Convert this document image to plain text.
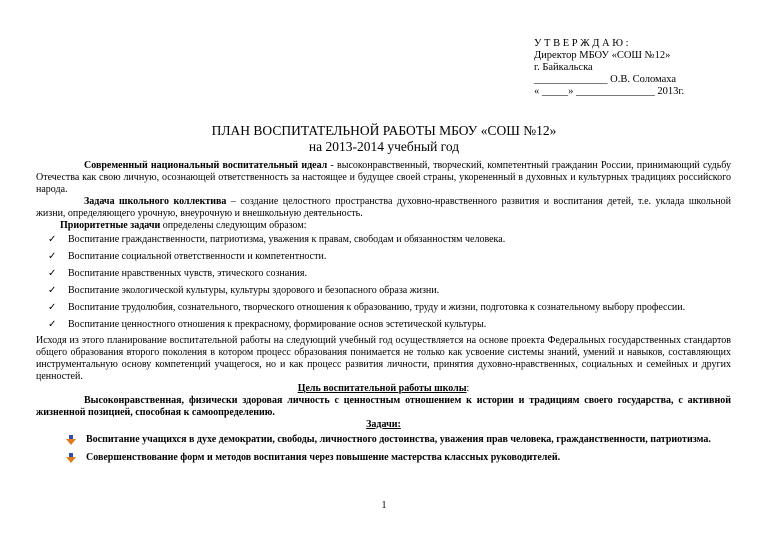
У Т В Е Р Ж Д А Ю :
Директор МБОУ «СОШ №12»
г. Байкальска
______________ О.В. Соломаха
« _____» _______________ 2013г.
ПЛАН ВОСПИТАТЕЛЬНОЙ РАБОТЫ МБОУ «СОШ №12»
на 2013-2014 учебный год

Современный национальный воспитательный идеал - высоконравственный, творческий, компетентный гражданин России, принимающий судьбу Отечества как свою личную, осознающей ответственность за настоящее и будущее своей страны, укорененный в духовных и культурных традициях российского народа.

Задача школьного коллектива – создание целостного пространства духовно-нравственного развития и воспитания детей, т.е. уклада школьной жизни, определяющего урочную, внеурочную и внешкольную деятельность.

Приоритетные задачи определены следующим образом:

✓ Воспитание гражданственности, патриотизма, уважения к правам, свободам и обязанностям человека.
✓ Воспитание социальной ответственности и компетентности.
✓ Воспитание нравственных чувств, этического сознания.
✓ Воспитание экологической культуры, культуры здорового и безопасного образа жизни.
✓ Воспитание трудолюбия, сознательного, творческого отношения к образованию, труду и жизни, подготовка к сознательному выбору профессии.
✓ Воспитание ценностного отношения к прекрасному, формирование основ эстетической культуры.

Исходя из этого планирование воспитательной работы на следующий учебный год осуществляется на основе проекта Федеральных государственных стандартов общего образования второго поколения в котором процесс образования понимается не только как усвоение системы знаний, умений и навыков, составляющих инструментальную основу компетенций учащегося, но и как процесс развития личности, принятия духовно-нравственных, социальных и семейных и других ценностей.

Цель воспитательной работы школы:

Высоконравственная, физически здоровая личность с ценностным отношением к истории и традициям своего государства, с активной жизненной позицией, способная к самоопределению.

Задачи:

Воспитание учащихся в духе демократии, свободы, личностного достоинства, уважения прав человека, гражданственности, патриотизма.
Совершенствование форм и методов воспитания через повышение мастерства классных руководителей.
1
